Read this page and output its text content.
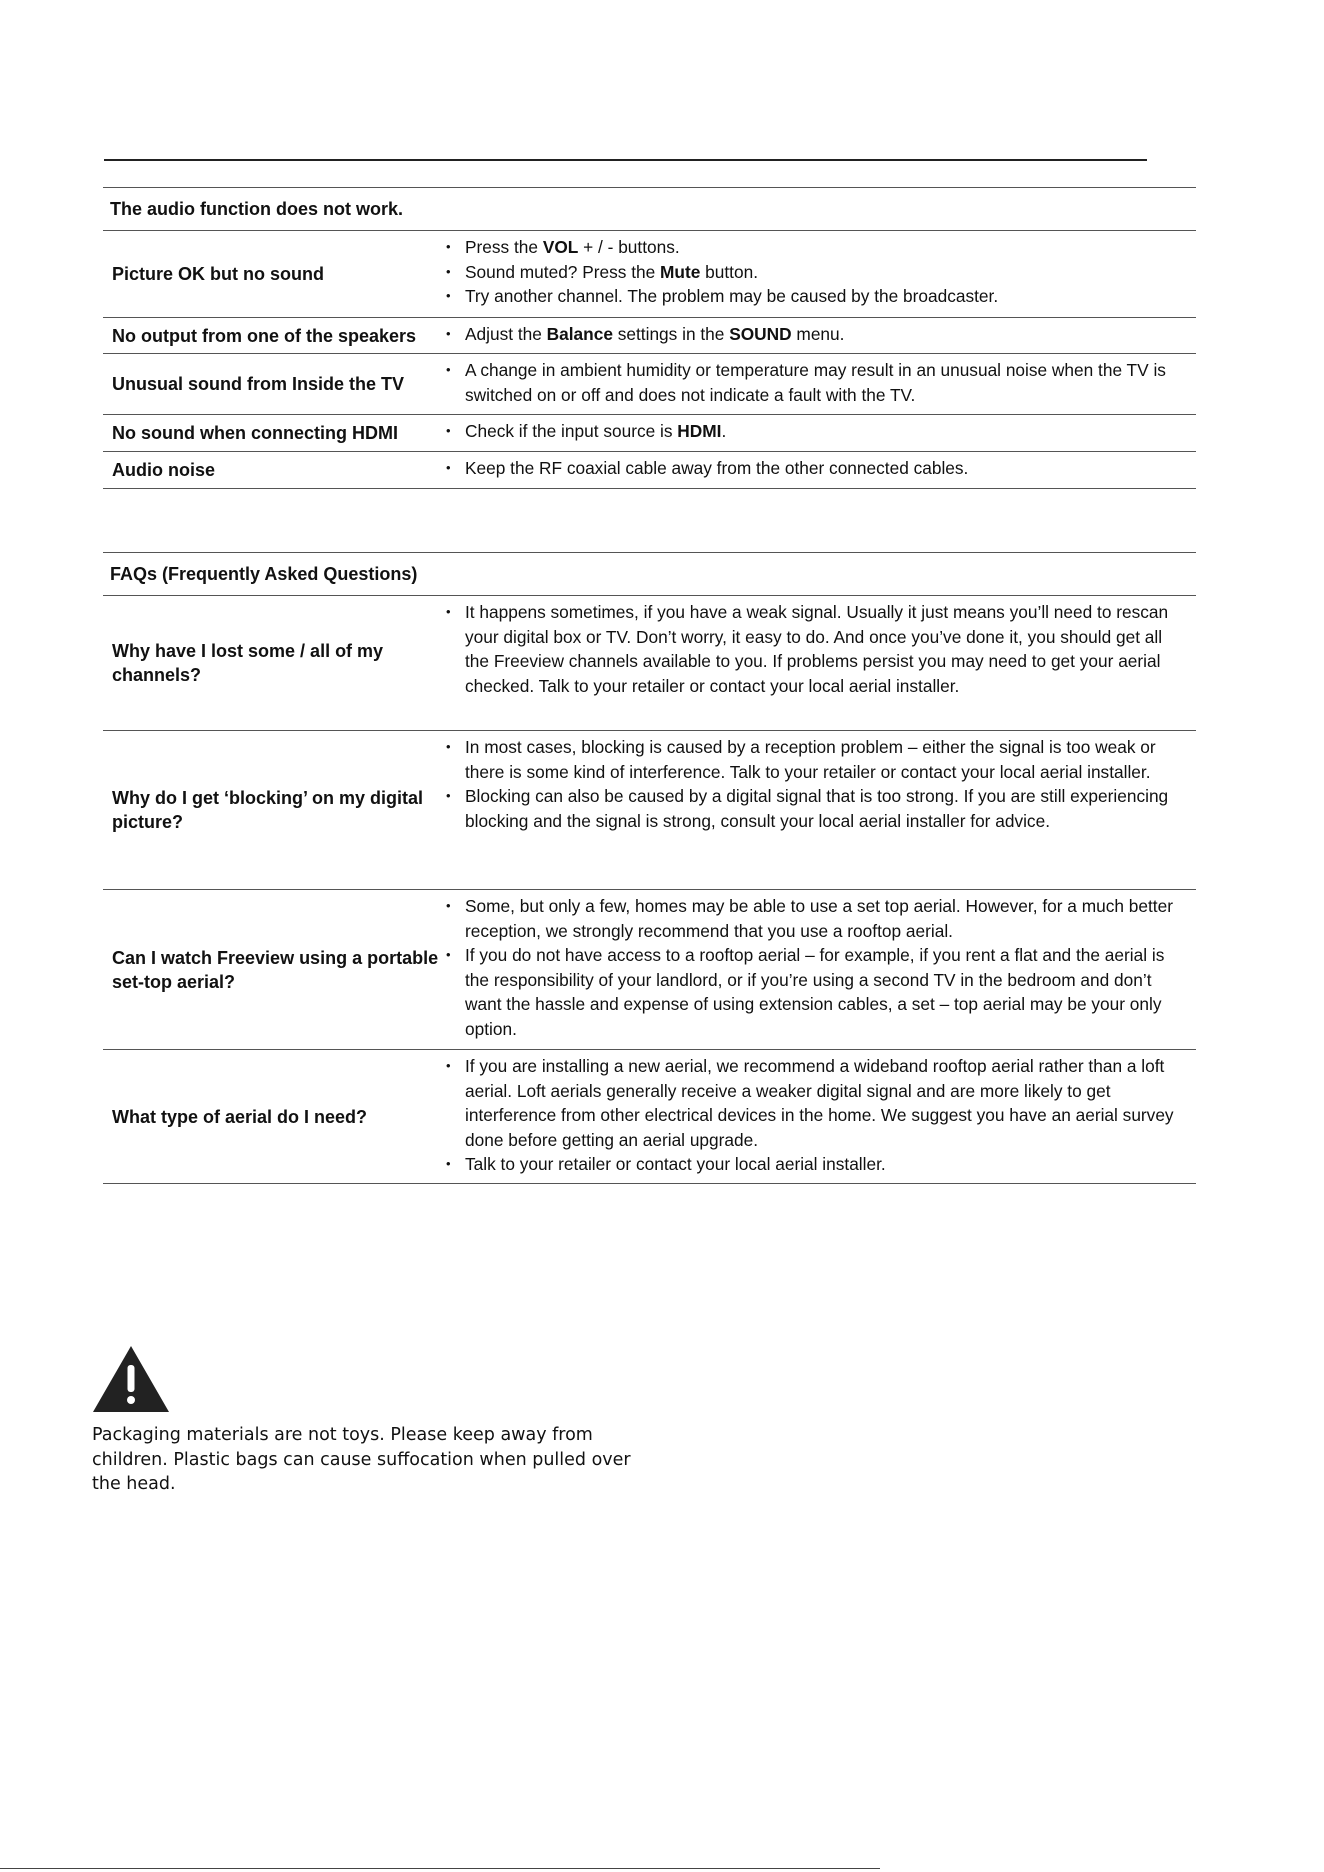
The audio function does not work.
Picture OK but no sound
• Press the VOL + / - buttons.
• Sound muted? Press the Mute button.
• Try another channel. The problem may be caused by the broadcaster.
No output from one of the speakers	• Adjust the Balance settings in the SOUND menu.
Unusual sound from Inside the TV
• A change in ambient humidity or temperature may result in an unusual noise when the TV is switched on or off and does not indicate a fault with the TV.
No sound when connecting HDMI	• Check if the input source is HDMI.
Audio noise	• Keep the RF coaxial cable away from the other connected cables.
FAQs (Frequently Asked Questions)
Why have I lost some / all of my channels?
• It happens sometimes, if you have a weak signal. Usually it just means you’ll need to rescan your digital box or TV. Don’t worry, it easy to do. And once you’ve done it, you should get all the Freeview channels available to you. If problems persist you may need to get your aerial checked. Talk to your retailer or contact your local aerial installer.
Why do I get ‘blocking’ on my digital picture?
• In most cases, blocking is caused by a reception problem – either the signal is too weak or there is some kind of interference. Talk to your retailer or contact your local aerial installer.
• Blocking can also be caused by a digital signal that is too strong. If you are still experiencing blocking and the signal is strong, consult your local aerial installer for advice.
Can I watch Freeview using a portable set-top aerial?
• Some, but only a few, homes may be able to use a set top aerial. However, for a much better reception, we strongly recommend that you use a rooftop aerial.
• If you do not have access to a rooftop aerial – for example, if you rent a flat and the aerial is the responsibility of your landlord, or if you’re using a second TV in the bedroom and don’t want the hassle and expense of using extension cables, a set – top aerial may be your only option.
What type of aerial do I need?
• If you are installing a new aerial, we recommend a wideband rooftop aerial rather than a loft aerial. Loft aerials generally receive a weaker digital signal and are more likely to get interference from other electrical devices in the home. We suggest you have an aerial survey done before getting an aerial upgrade.
• Talk to your retailer or contact your local aerial installer.
Packaging materials are not toys. Please keep away from children. Plastic bags can cause suffocation when pulled over the head.
